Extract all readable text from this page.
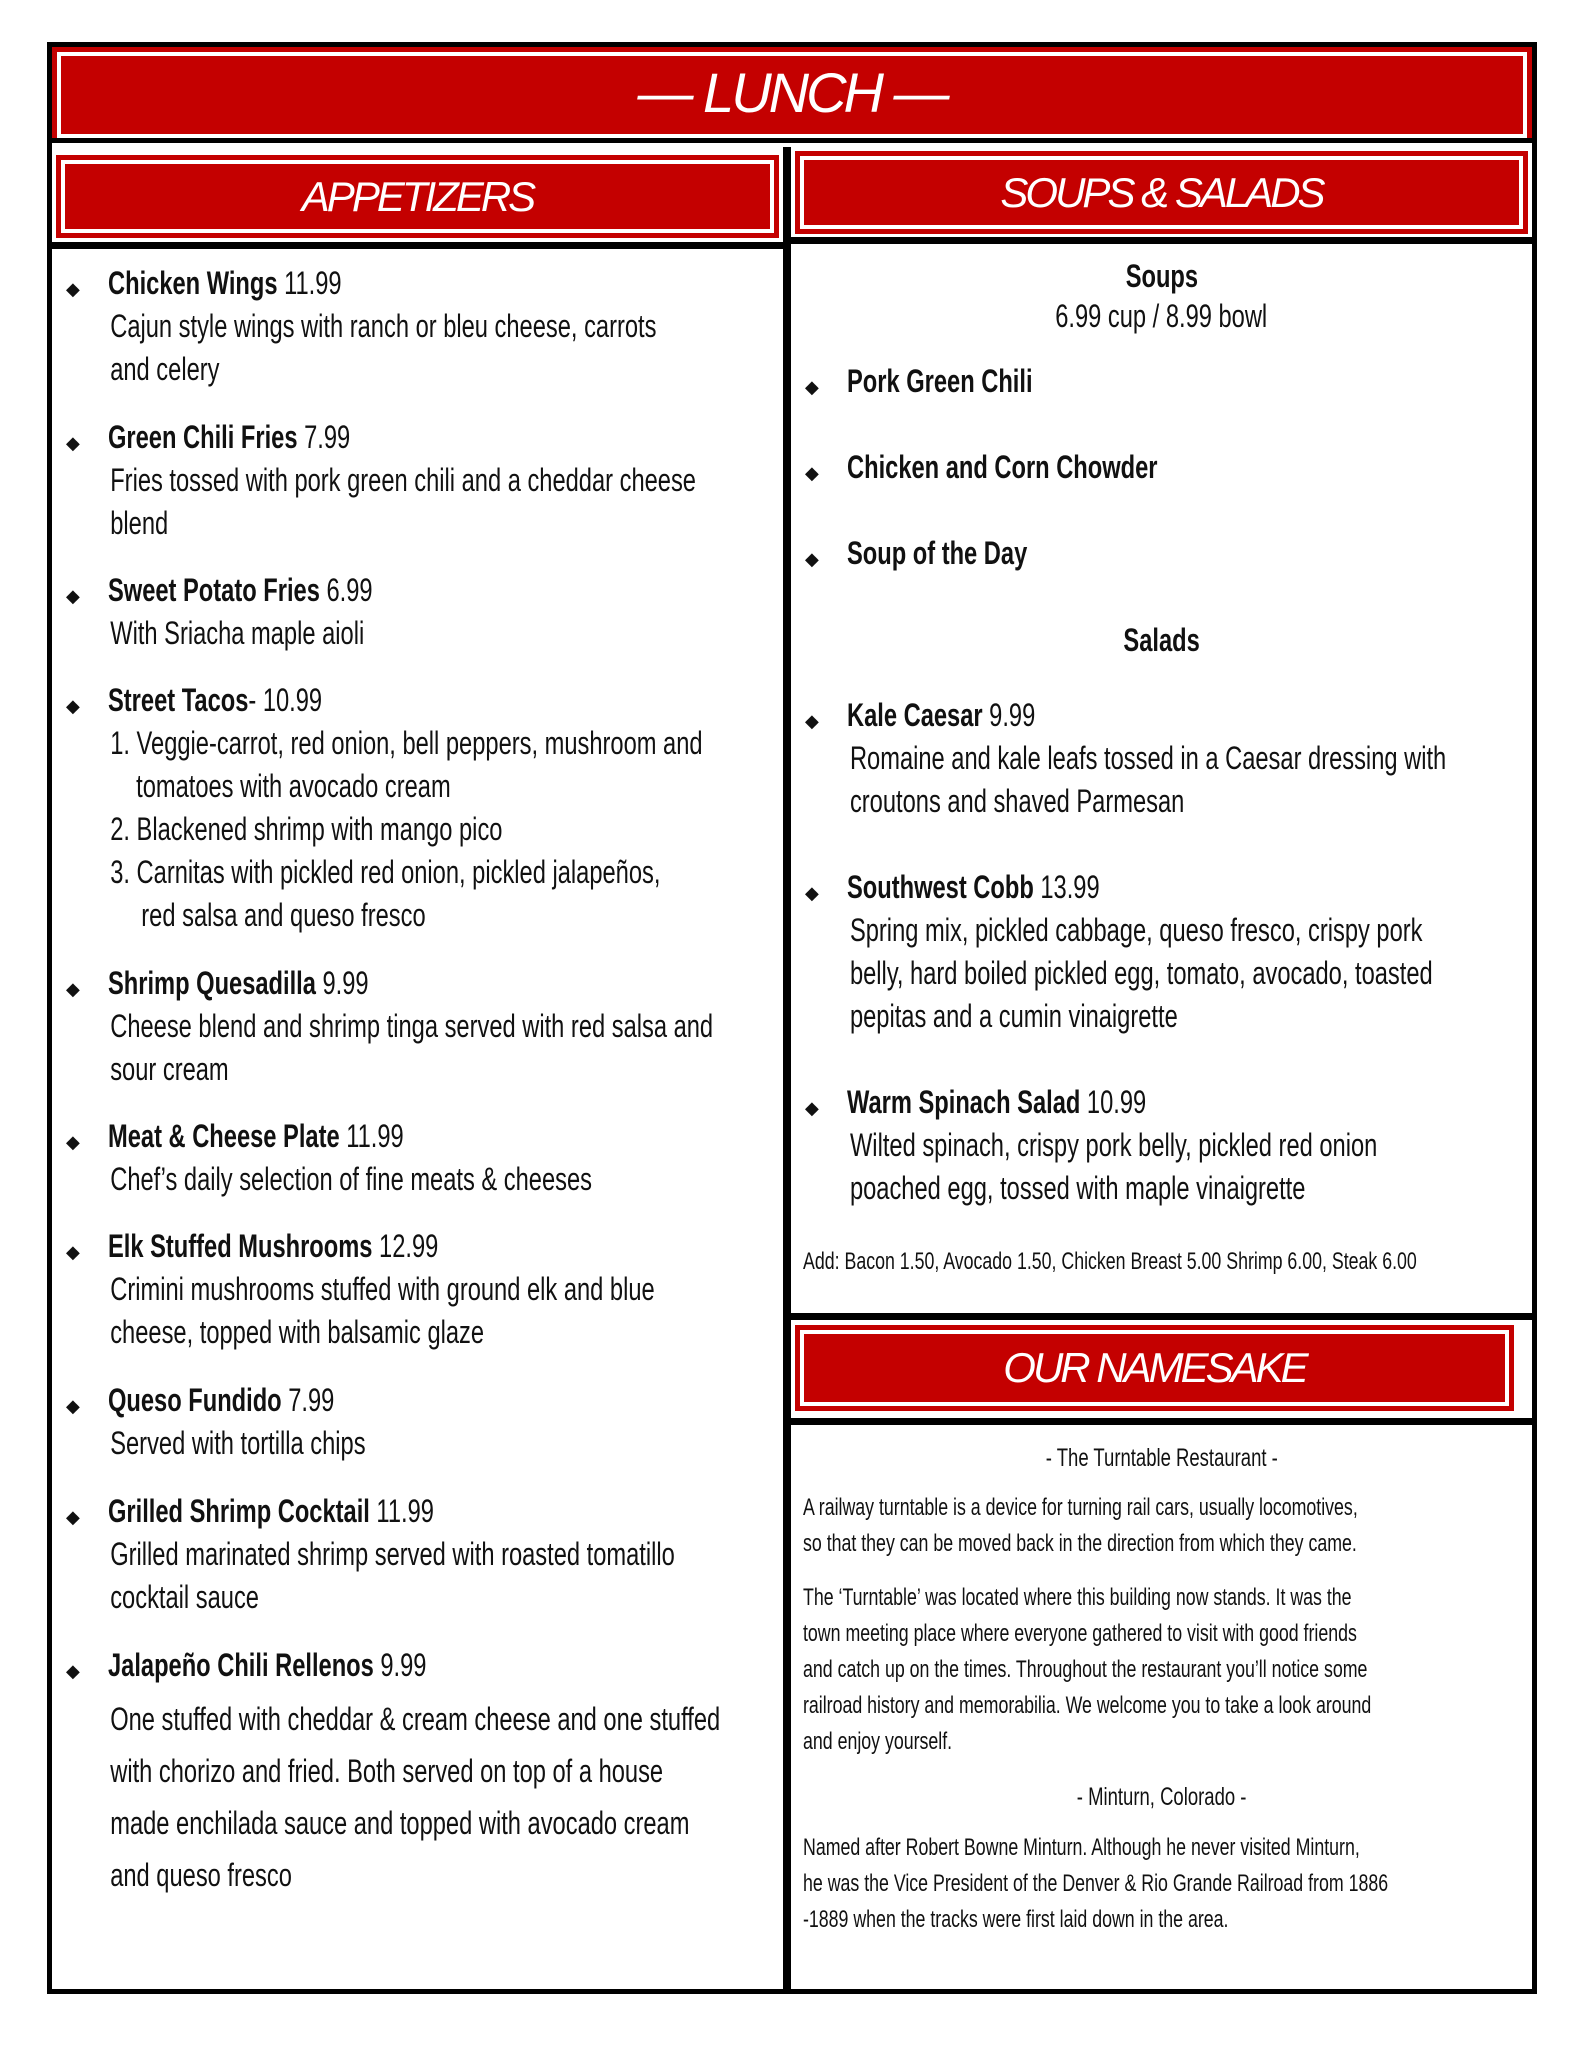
— LUNCH —
APPETIZERS	SOUPS & SALADS
OUR NAMESAKE
◆ Chicken Wings 11.99
Cajun style wings with ranch or bleu cheese, carrots
and celery
◆ Green Chili Fries 7.99
Fries tossed with pork green chili and a cheddar cheese
blend
◆ Sweet Potato Fries 6.99
With Sriacha maple aioli
◆ Street Tacos- 10.99
1. Veggie-carrot, red onion, bell peppers, mushroom and
tomatoes with avocado cream
2. Blackened shrimp with mango pico
3. Carnitas with pickled red onion, pickled jalapeños,
red salsa and queso fresco
◆ Shrimp Quesadilla 9.99
Cheese blend and shrimp tinga served with red salsa and
sour cream
◆ Meat & Cheese Plate 11.99
Chef’s daily selection of fine meats & cheeses
◆ Elk Stuffed Mushrooms 12.99
Crimini mushrooms stuffed with ground elk and blue
cheese, topped with balsamic glaze
◆ Queso Fundido 7.99
Served with tortilla chips
◆ Grilled Shrimp Cocktail 11.99
Grilled marinated shrimp served with roasted tomatillo
cocktail sauce
◆ Jalapeño Chili Rellenos 9.99
One stuffed with cheddar & cream cheese and one stuffed
with chorizo and fried. Both served on top of a house
made enchilada sauce and topped with avocado cream
and queso fresco
Soups
6.99 cup / 8.99 bowl
◆ Pork Green Chili
◆ Chicken and Corn Chowder
◆ Soup of the Day
Salads
◆ Kale Caesar 9.99
Romaine and kale leafs tossed in a Caesar dressing with
croutons and shaved Parmesan
◆ Southwest Cobb 13.99
Spring mix, pickled cabbage, queso fresco, crispy pork
belly, hard boiled pickled egg, tomato, avocado, toasted
pepitas and a cumin vinaigrette
◆ Warm Spinach Salad 10.99
Wilted spinach, crispy pork belly, pickled red onion
poached egg, tossed with maple vinaigrette
Add: Bacon 1.50, Avocado 1.50, Chicken Breast 5.00 Shrimp 6.00, Steak 6.00
- The Turntable Restaurant -
A railway turntable is a device for turning rail cars, usually locomotives,
so that they can be moved back in the direction from which they came.
The ‘Turntable’ was located where this building now stands. It was the
town meeting place where everyone gathered to visit with good friends
and catch up on the times. Throughout the restaurant you’ll notice some
railroad history and memorabilia. We welcome you to take a look around
and enjoy yourself.
- Minturn, Colorado -
Named after Robert Bowne Minturn. Although he never visited Minturn,
he was the Vice President of the Denver & Rio Grande Railroad from 1886
-1889 when the tracks were first laid down in the area.
